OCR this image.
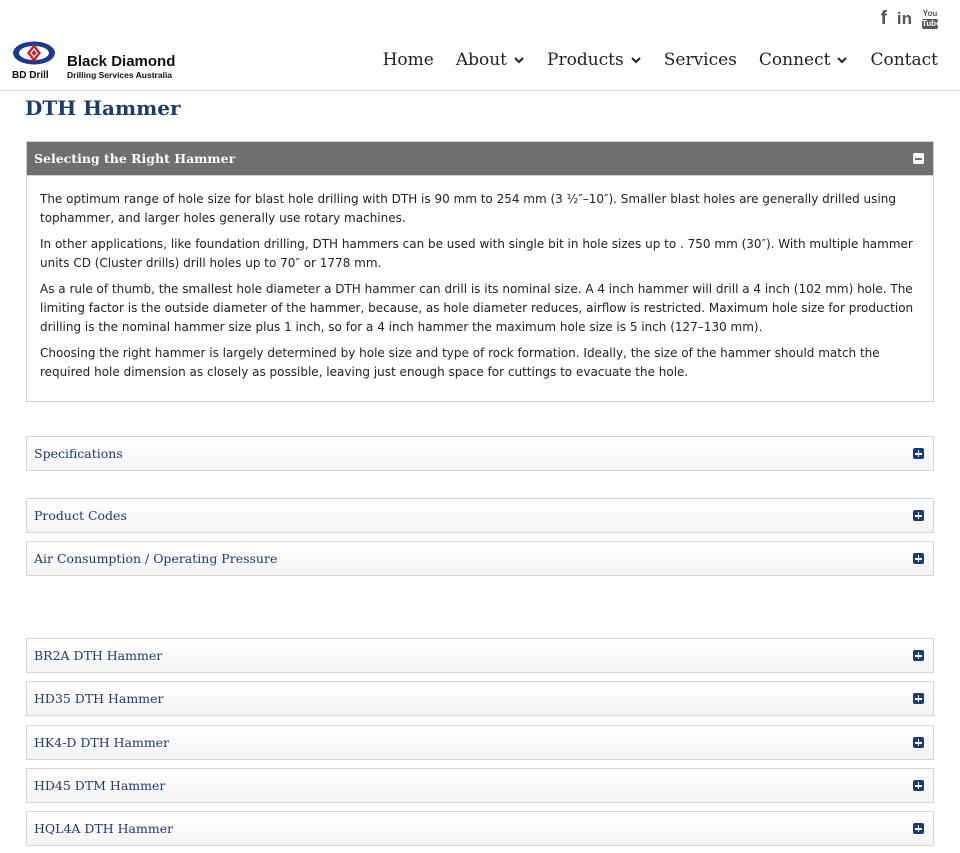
f in You
Tube
BD Drill
Black Diamond
Drilling Services Australia
Home About Products Services Connect Contact
DTH Hammer
Selecting the Right Hammer

The optimum range of hole size for blast hole drilling with DTH is 90 mm to 254 mm (3 ½″–10″). Smaller blast holes are generally drilled using tophammer, and larger holes generally use rotary machines.

In other applications, like foundation drilling, DTH hammers can be used with single bit in hole sizes up to . 750 mm (30″). With multiple hammer units CD (Cluster drills) drill holes up to 70″ or 1778 mm.

As a rule of thumb, the smallest hole diameter a DTH hammer can drill is its nominal size. A 4 inch hammer will drill a 4 inch (102 mm) hole. The limiting factor is the outside diameter of the hammer, because, as hole diameter reduces, airflow is restricted. Maximum hole size for production drilling is the nominal hammer size plus 1 inch, so for a 4 inch hammer the maximum hole size is 5 inch (127–130 mm).

Choosing the right hammer is largely determined by hole size and type of rock formation. Ideally, the size of the hammer should match the required hole dimension as closely as possible, leaving just enough space for cuttings to evacuate the hole.

Specifications
Product Codes
Air Consumption / Operating Pressure
BR2A DTH Hammer
HD35 DTH Hammer
HK4-D DTH Hammer
HD45 DTM Hammer
HQL4A DTH Hammer
